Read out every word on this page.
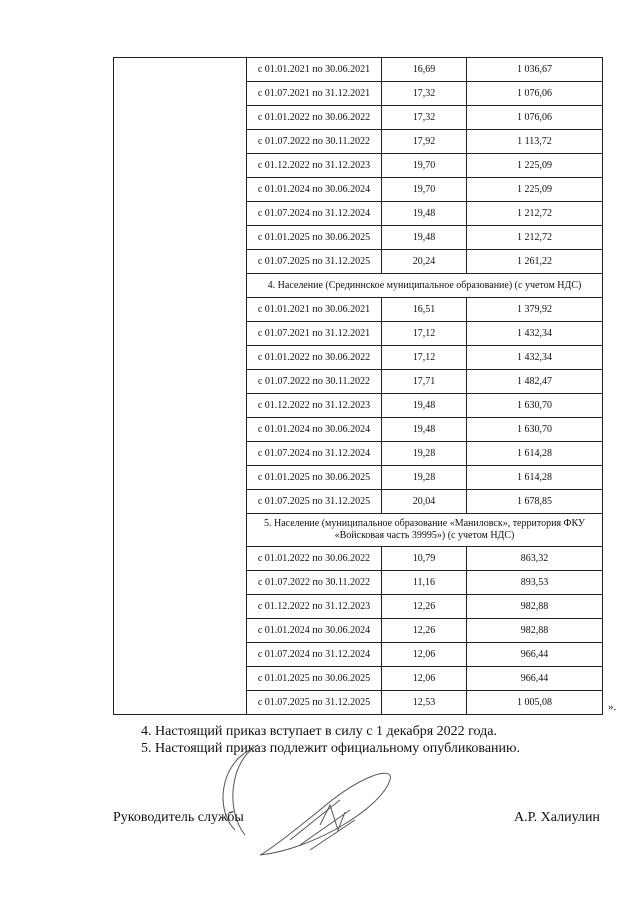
	с 01.01.2021 по 30.06.2021	16,69	1 036,67
	с 01.07.2021 по 31.12.2021	17,32	1 076,06
	с 01.01.2022 по 30.06.2022	17,32	1 076,06
	с 01.07.2022 по 30.11.2022	17,92	1 113,72
	с 01.12.2022 по 31.12.2023	19,70	1 225,09
	с 01.01.2024 по 30.06.2024	19,70	1 225,09
	с 01.07.2024 по 31.12.2024	19,48	1 212,72
	с 01.01.2025 по 30.06.2025	19,48	1 212,72
	с 01.07.2025 по 31.12.2025	20,24	1 261,22
	4. Население (Срединнское муниципальное образование) (с учетом НДС)		
	с 01.01.2021 по 30.06.2021	16,51	1 379,92
	с 01.07.2021 по 31.12.2021	17,12	1 432,34
	с 01.01.2022 по 30.06.2022	17,12	1 432,34
	с 01.07.2022 по 30.11.2022	17,71	1 482,47
	с 01.12.2022 по 31.12.2023	19,48	1 630,70
	с 01.01.2024 по 30.06.2024	19,48	1 630,70
	с 01.07.2024 по 31.12.2024	19,28	1 614,28
	с 01.01.2025 по 30.06.2025	19,28	1 614,28
	с 01.07.2025 по 31.12.2025	20,04	1 678,85
	5. Население (муниципальное образование «Маниловск», территория ФКУ «Войсковая часть 39995») (с учетом НДС)		
	с 01.01.2022 по 30.06.2022	10,79	863,32
	с 01.07.2022 по 30.11.2022	11,16	893,53
	с 01.12.2022 по 31.12.2023	12,26	982,88
	с 01.01.2024 по 30.06.2024	12,26	982,88
	с 01.07.2024 по 31.12.2024	12,06	966,44
	с 01.01.2025 по 30.06.2025	12,06	966,44
	с 01.07.2025 по 31.12.2025	12,53	1 005,08	».
4. Настоящий приказ вступает в силу с 1 декабря 2022 года.
5. Настоящий приказ подлежит официальному опубликованию.
Руководитель службы	А.Р. Халиулин
